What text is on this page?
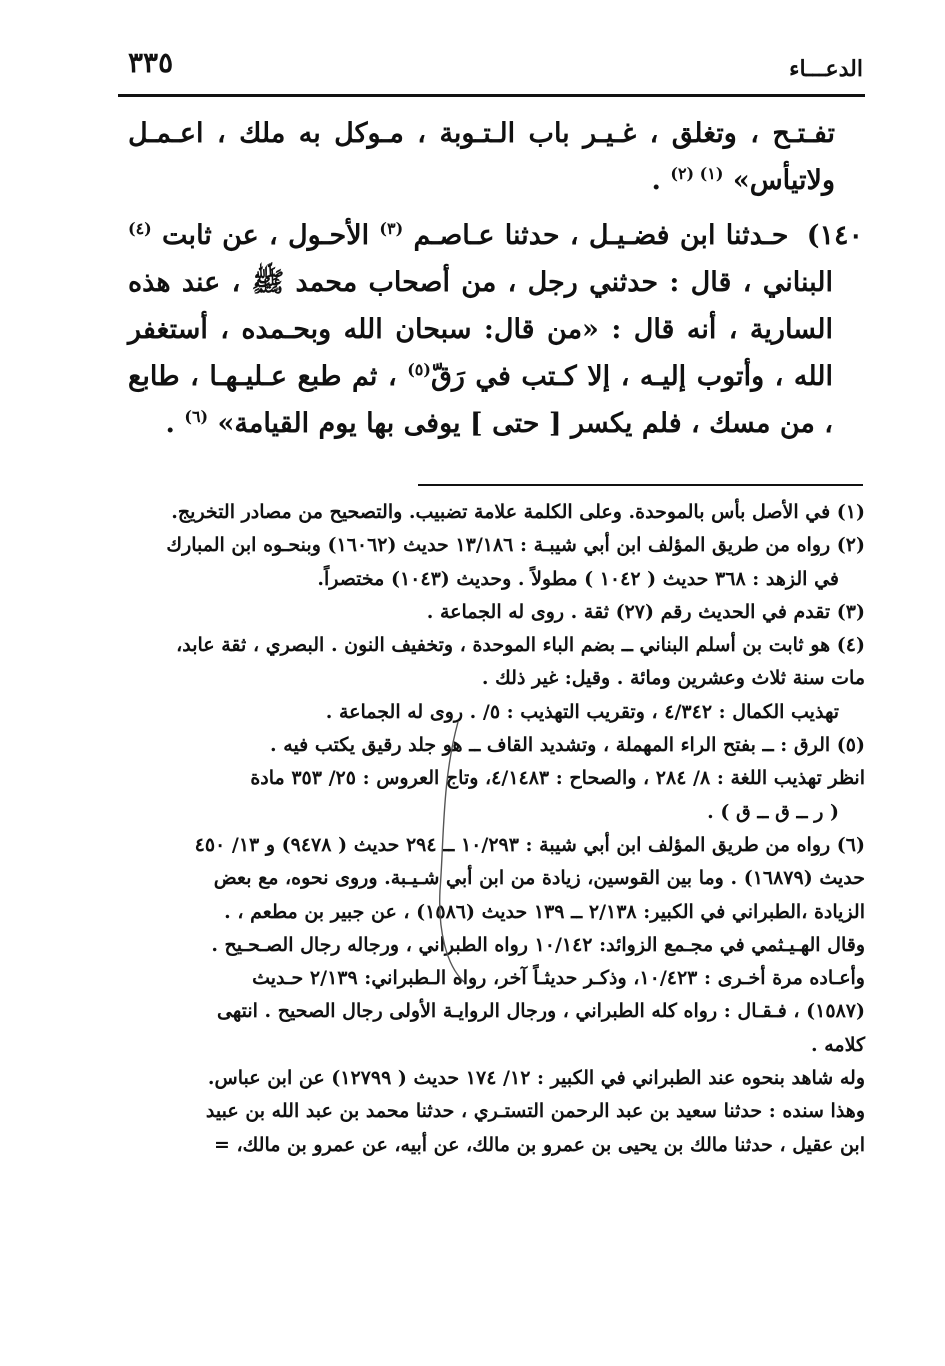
الدعـــاء
٣٣٥

تفـتـح ، وتغلق ، غـيـر باب الـتـوبة ، مـوكل به ملك ، اعـمـل ولاتيأس» $^{(١) (٢)}$ .

١٤٠) حـدثنا ابن فضـيـل ، حدثنا عـاصـم $^{(٣)}$ الأحـول ، عن ثابت $^{(٤)}$ البناني ، قال : حدثني رجل ، من أصحاب محمد ﷺ ، عند هذه السارية ، أنه قال : «من قال: سبحان الله وبحـمده ، أستغفر الله ، وأتوب إليـه ، إلا كـتب في رَقّ$^{(٥)}$ ، ثم طبع عـليـهـا ، طابع ، من مسك ، فلم يكسر [ حتى ] يوفى بها يوم القيامة» $^{(٦)}$ .

(١) في الأصل بأس بالموحدة. وعلى الكلمة علامة تضبيب. والتصحيح من مصادر التخريج.

(٢) رواه من طريق المؤلف ابن أبي شيبـة : ١٣/١٨٦ حديث (١٦٠٦٢) وبنحـوه ابن المبارك

في الزهد : ٣٦٨ حديث ( ١٠٤٢ ) مطولاً . وحديث (١٠٤٣) مختصراً.

(٣) تقدم في الحديث رقم (٢٧) ثقة . روى له الجماعة .

(٤) هو ثابت بن أسلم البناني ــ بضم الباء الموحدة ، وتخفيف النون . البصري ، ثقة عابد،

مات سنة ثلاث وعشرين ومائة . وقيل: غير ذلك .

تهذيب الكمال : ٤/٣٤٢ ، وتقريب التهذيب : ٥/ . روى له الجماعة .

(٥) الرق : ــ بفتح الراء المهملة ، وتشديد القاف ــ هو جلد رقيق يكتب فيه .

انظر تهذيب اللغة : ٨/ ٢٨٤ ، والصحاح : ٤/١٤٨٣، وتاج العروس : ٢٥/ ٣٥٣ مادة

( ر ــ ق ــ ق ) .

(٦) رواه من طريق المؤلف ابن أبي شيبة : ١٠/٢٩٣ ــ ٢٩٤ حديث ( ٩٤٧٨) و ١٣/ ٤٥٠

حديث (١٦٨٧٩) . وما بين القوسين، زيادة من ابن أبي شـيـبة. وروى نحوه، مع بعض

الزيادة ،الطبراني في الكبير: ٢/١٣٨ ــ ١٣٩ حديث (١٥٨٦) ، عن جبير بن مطعم ، .

وقال الهـيـثمي في مجـمع الزوائد: ١٠/١٤٢ رواه الطبراني ، ورجاله رجال الصـحـيح .

وأعـاده مرة أخـرى : ١٠/٤٢٣، وذكـر حديثـاً آخر، رواه الـطبراني: ٢/١٣٩ حـديث

(١٥٨٧) ، فـقـال : رواه كله الطبراني ، ورجال الروايـة الأولى رجال الصحيح . انتهى

كلامه .

وله شاهد بنحوه عند الطبراني في الكبير : ١٢/ ١٧٤ حديث ( ١٢٧٩٩) عن ابن عباس.

وهذا سنده : حدثنا سعيد بن عبد الرحمن التستـري ، حدثنا محمد بن عبد الله بن عبيد

ابن عقيل ، حدثنا مالك بن يحيى بن عمرو بن مالك، عن أبيه، عن عمرو بن مالك، =
